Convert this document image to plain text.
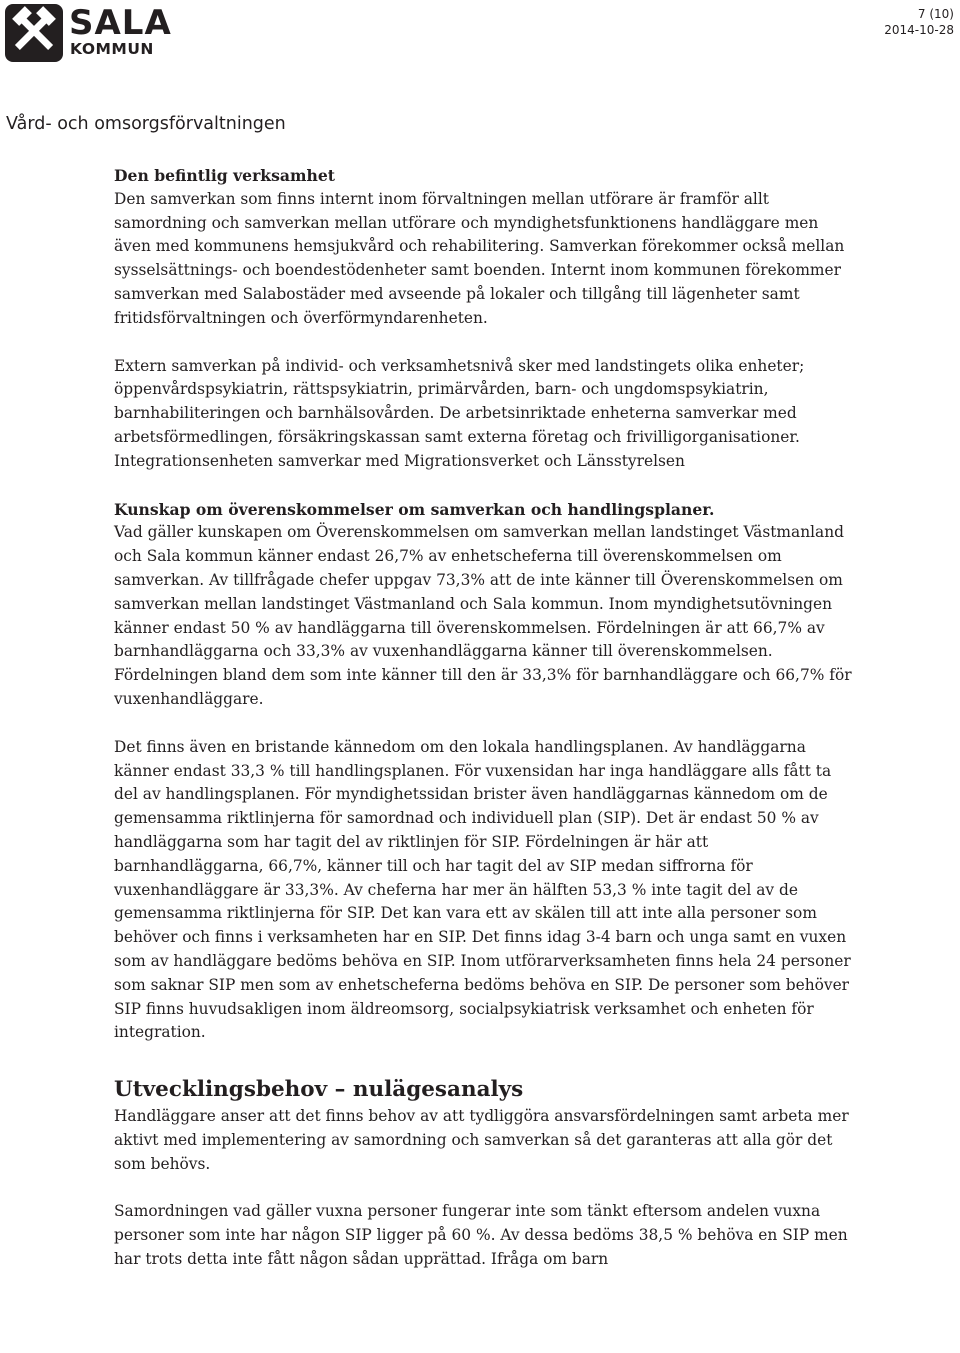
SALA
KOMMUN
7 (10)
2014-10-28
Vård- och omsorgsförvaltningen

Den befintlig verksamhet

Den samverkan som finns internt inom förvaltningen mellan utförare är framför allt samordning och samverkan mellan utförare och myndighetsfunktionens handläggare men även med kommunens hemsjukvård och rehabilitering. Samverkan förekommer också mellan sysselsättnings- och boendestödenheter samt boenden. Internt inom kommunen förekommer samverkan med Salabostäder med avseende på lokaler och tillgång till lägenheter samt fritidsförvaltningen och överförmyndarenheten.

Extern samverkan på individ- och verksamhetsnivå sker med landstingets olika enheter; öppenvårdspsykiatrin, rättspsykiatrin, primärvården, barn- och ungdomspsykiatrin, barnhabiliteringen och barnhälsovården. De arbetsinriktade enheterna samverkar med arbetsförmedlingen, försäkringskassan samt externa företag och frivilligorganisationer. Integrationsenheten samverkar med Migrationsverket och Länsstyrelsen

Kunskap om överenskommelser om samverkan och handlingsplaner.

Vad gäller kunskapen om Överenskommelsen om samverkan mellan landstinget Västmanland och Sala kommun känner endast 26,7% av enhetscheferna till överenskommelsen om samverkan. Av tillfrågade chefer uppgav 73,3% att de inte känner till Överenskommelsen om samverkan mellan landstinget Västmanland och Sala kommun. Inom myndighetsutövningen känner endast 50 % av handläggarna till överenskommelsen. Fördelningen är att 66,7% av barnhandläggarna och 33,3% av vuxenhandläggarna känner till överenskommelsen. Fördelningen bland dem som inte känner till den är 33,3% för barnhandläggare och 66,7% för vuxenhandläggare.

Det finns även en bristande kännedom om den lokala handlingsplanen. Av handläggarna känner endast 33,3 % till handlingsplanen. För vuxensidan har inga handläggare alls fått ta del av handlingsplanen. För myndighetssidan brister även handläggarnas kännedom om de gemensamma riktlinjerna för samordnad och individuell plan (SIP). Det är endast 50 % av handläggarna som har tagit del av riktlinjen för SIP. Fördelningen är här att barnhandläggarna, 66,7%, känner till och har tagit del av SIP medan siffrorna för vuxenhandläggare är 33,3%. Av cheferna har mer än hälften 53,3 % inte tagit del av de gemensamma riktlinjerna för SIP. Det kan vara ett av skälen till att inte alla personer som behöver och finns i verksamheten har en SIP. Det finns idag 3-4 barn och unga samt en vuxen som av handläggare bedöms behöva en SIP. Inom utförarverksamheten finns hela 24 personer som saknar SIP men som av enhetscheferna bedöms behöva en SIP. De personer som behöver SIP finns huvudsakligen inom äldreomsorg, socialpsykiatrisk verksamhet och enheten för integration.

Utvecklingsbehov – nulägesanalys

Handläggare anser att det finns behov av att tydliggöra ansvarsfördelningen samt arbeta mer aktivt med implementering av samordning och samverkan så det garanteras att alla gör det som behövs.

Samordningen vad gäller vuxna personer fungerar inte som tänkt eftersom andelen vuxna personer som inte har någon SIP ligger på 60 %. Av dessa bedöms 38,5 % behöva en SIP men har trots detta inte fått någon sådan upprättad. Ifråga om barn
